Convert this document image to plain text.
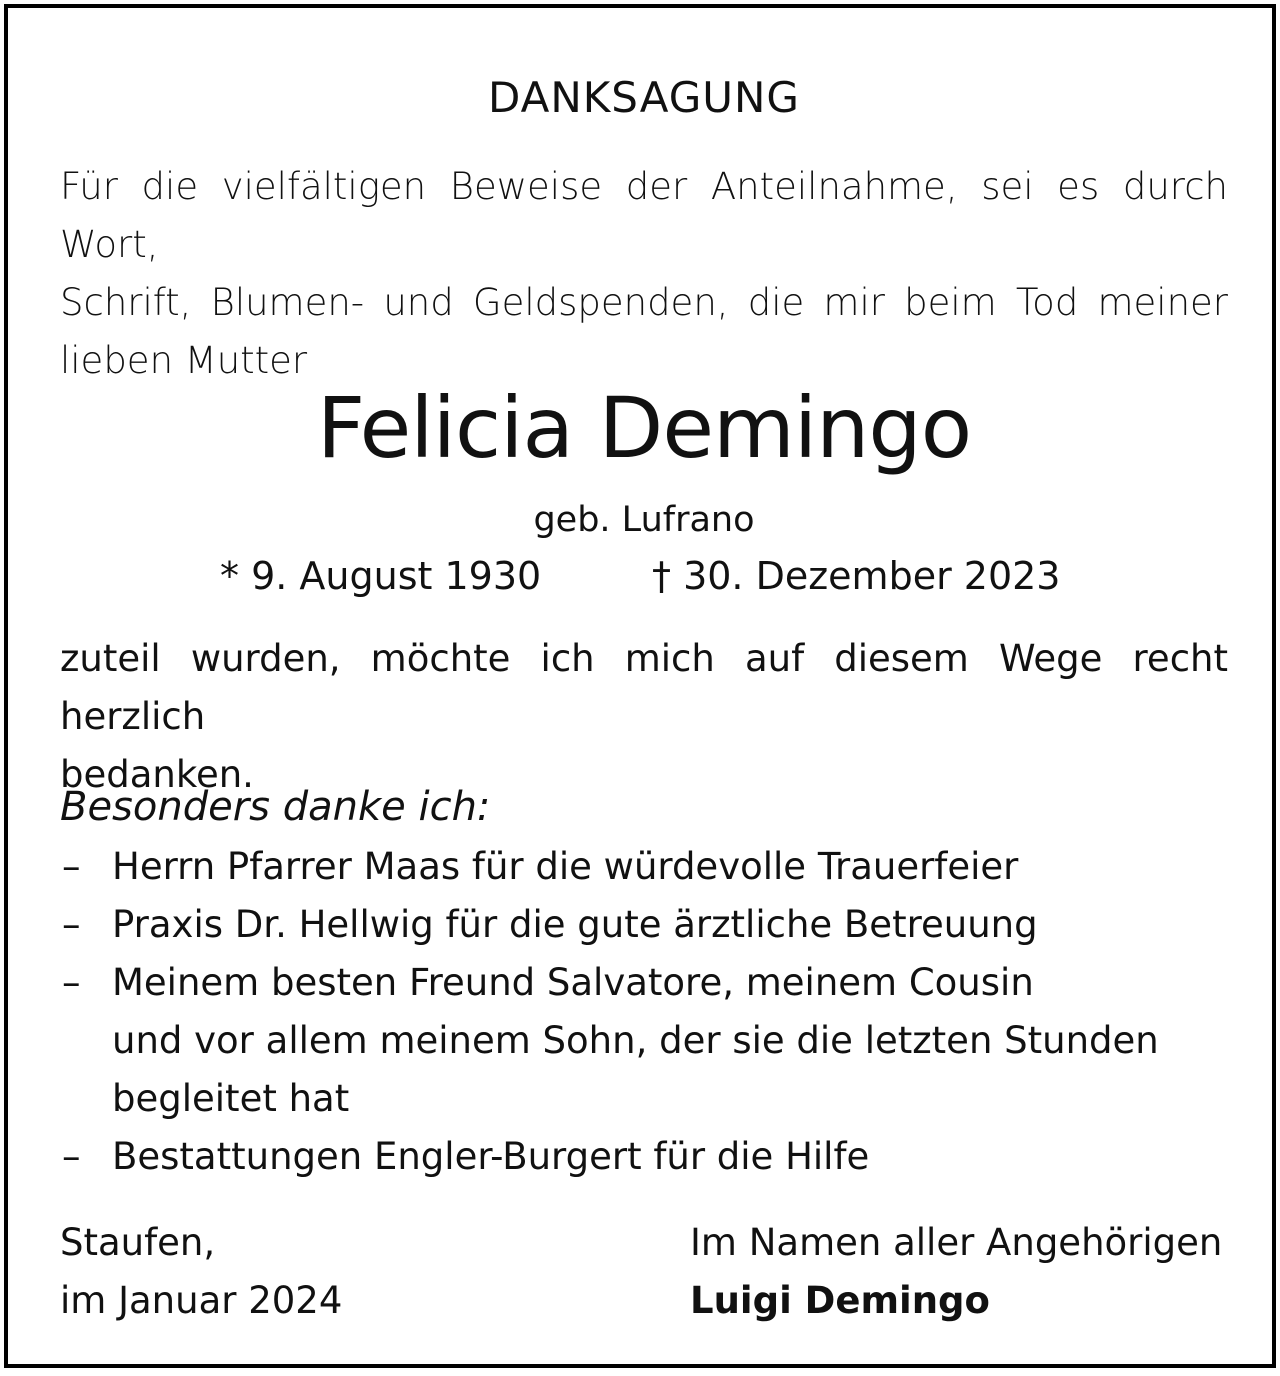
DANKSAGUNG
Für die vielfältigen Beweise der Anteilnahme, sei es durch Wort,
Schrift, Blumen- und Geldspenden, die mir beim Tod meiner
lieben Mutter
Felicia Demingo
geb. Lufrano
* 9. August 1930	† 30. Dezember 2023
zuteil wurden, möchte ich mich auf diesem Wege recht herzlich
bedanken.
Besonders danke ich:
– Herrn Pfarrer Maas für die würdevolle Trauerfeier
– Praxis Dr. Hellwig für die gute ärztliche Betreuung
– Meinem besten Freund Salvatore, meinem Cousin
und vor allem meinem Sohn, der sie die letzten Stunden
begleitet hat
– Bestattungen Engler-Burgert für die Hilfe
Staufen,
im Januar 2024
Im Namen aller Angehörigen
Luigi Demingo
